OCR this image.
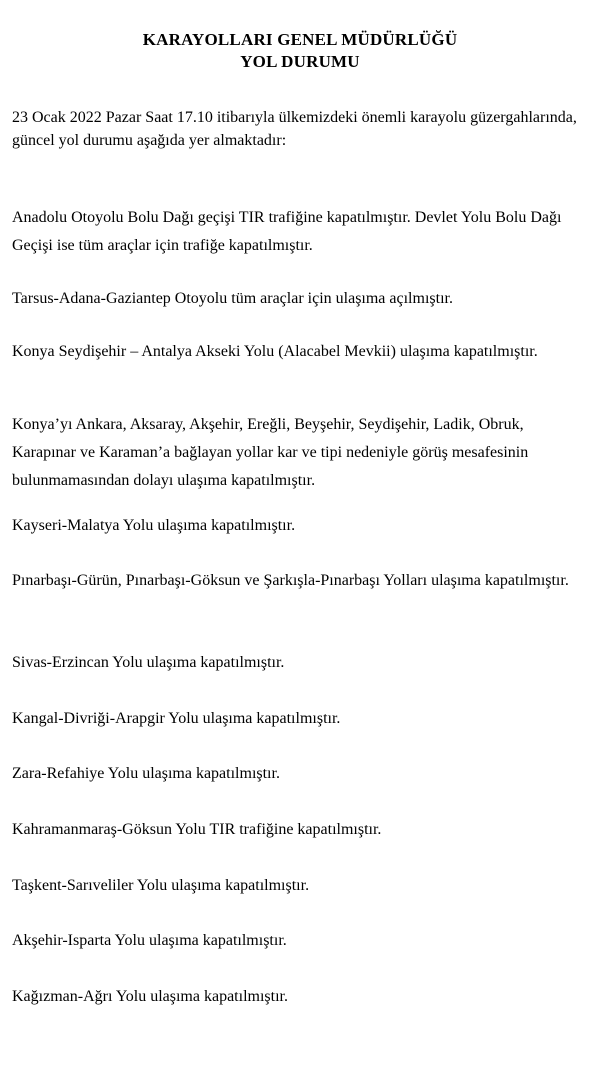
KARAYOLLARI GENEL MÜDÜRLÜĞÜ
YOL DURUMU
23 Ocak 2022 Pazar Saat 17.10 itibarıyla ülkemizdeki önemli karayolu güzergahlarında, güncel yol durumu aşağıda yer almaktadır:
Anadolu Otoyolu Bolu Dağı geçişi TIR trafiğine kapatılmıştır. Devlet Yolu Bolu Dağı Geçişi ise tüm araçlar için trafiğe kapatılmıştır.
Tarsus-Adana-Gaziantep Otoyolu tüm araçlar için ulaşıma açılmıştır.
Konya Seydişehir – Antalya Akseki Yolu (Alacabel Mevkii) ulaşıma kapatılmıştır.
Konya’yı Ankara, Aksaray, Akşehir, Ereğli, Beyşehir, Seydişehir, Ladik, Obruk, Karapınar ve Karaman’a bağlayan yollar kar ve tipi nedeniyle görüş mesafesinin bulunmamasından dolayı ulaşıma kapatılmıştır.
Kayseri-Malatya Yolu ulaşıma kapatılmıştır.
Pınarbaşı-Gürün, Pınarbaşı-Göksun ve Şarkışla-Pınarbaşı Yolları ulaşıma kapatılmıştır.
Sivas-Erzincan Yolu ulaşıma kapatılmıştır.
Kangal-Divriği-Arapgir Yolu ulaşıma kapatılmıştır.
Zara-Refahiye Yolu ulaşıma kapatılmıştır.
Kahramanmaraş-Göksun Yolu TIR trafiğine kapatılmıştır.
Taşkent-Sarıveliler Yolu ulaşıma kapatılmıştır.
Akşehir-Isparta Yolu ulaşıma kapatılmıştır.
Kağızman-Ağrı Yolu ulaşıma kapatılmıştır.
